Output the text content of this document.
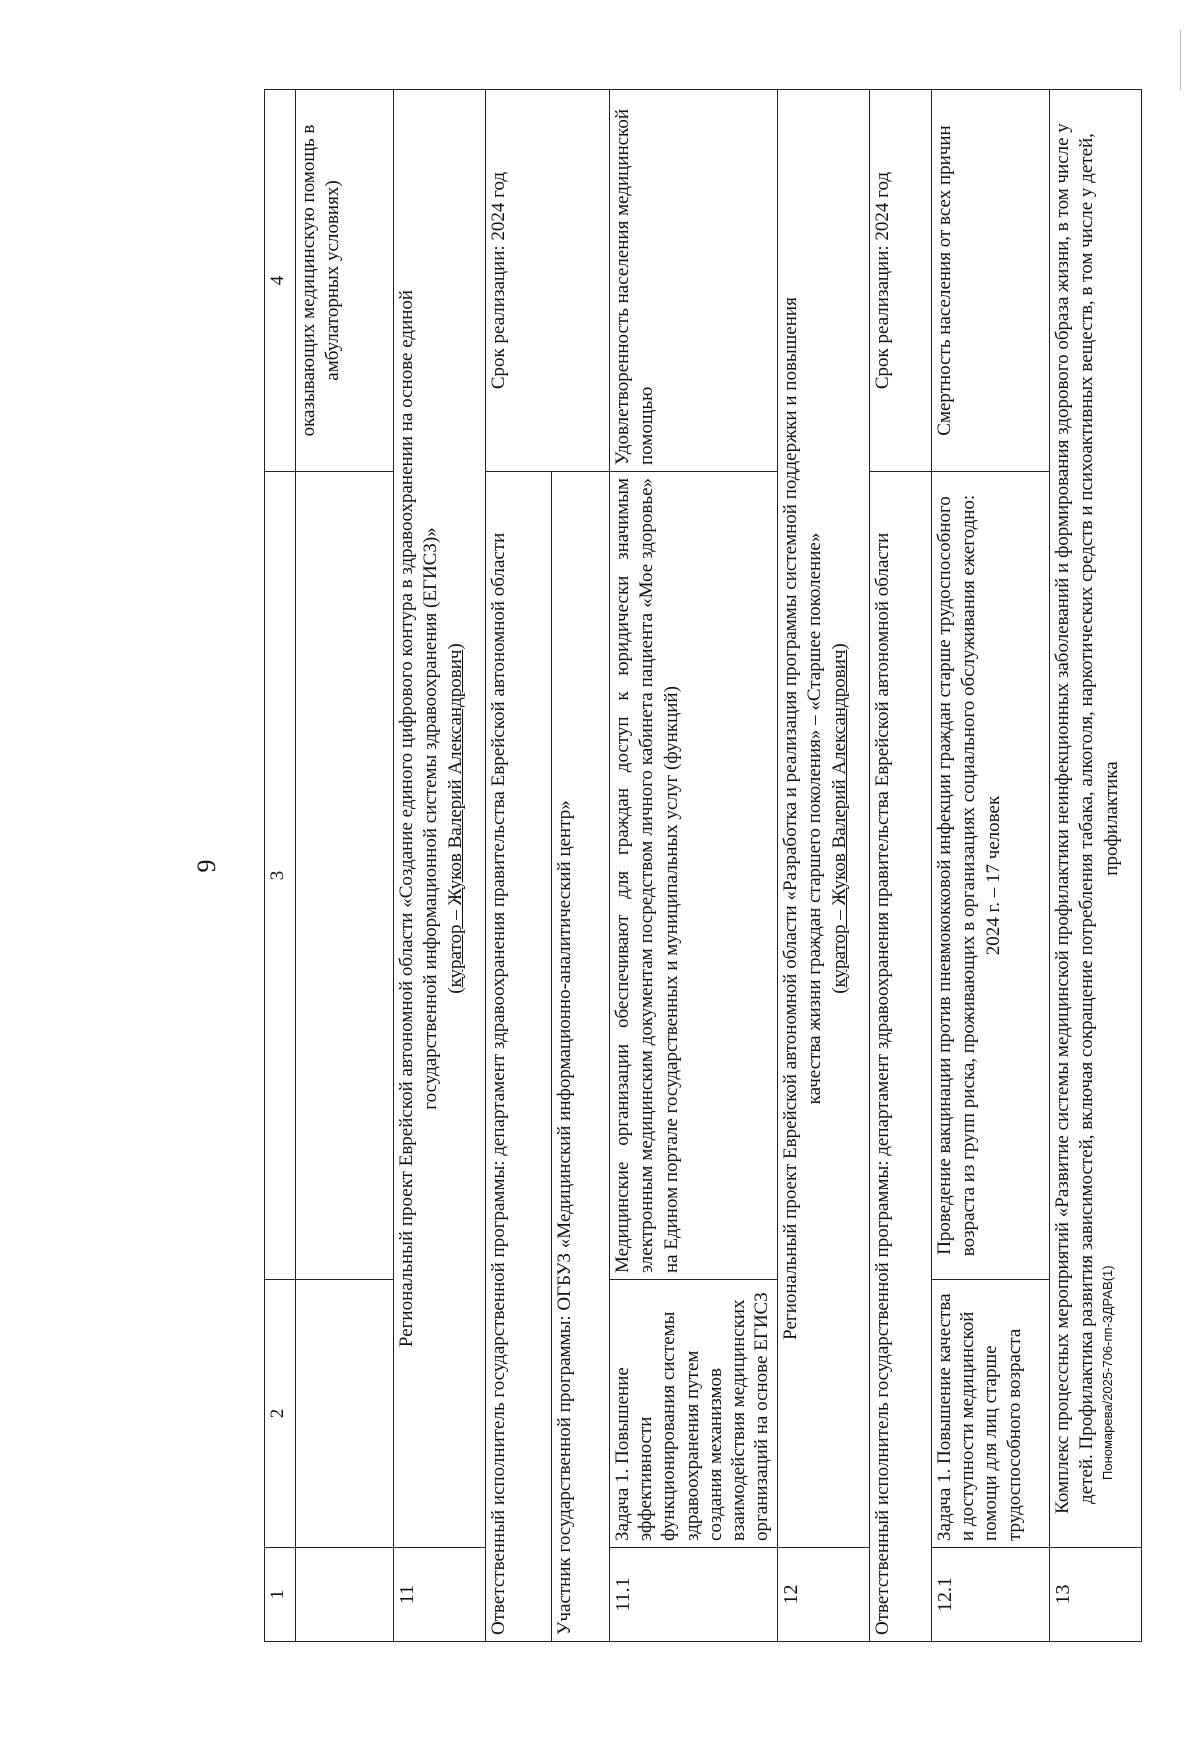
9
1	2	3	4
			оказывающих медицинскую помощь в амбулаторных условиях)
11	Региональный проект Еврейской автономной области «Создание единого цифрового контура в здравоохранении на основе единой государственной информационной системы здравоохранения (ЕГИСЗ)» (куратор – Жуков Валерий Александрович)		

Ответственный исполнитель государственной программы: департамент здравоохранения правительства Еврейской автономной области			Срок реализации: 2024 год
Участник государственной программы: ОГБУЗ «Медицинский информационно-аналитический центр»			
11.1	Задача 1. Повышение эффективности функционирования системы здравоохранения путем создания механизмов взаимодействия медицинских организаций на основе ЕГИСЗ	Медицинские организации обеспечивают для граждан доступ к юридически значимым электронным медицинским документам посредством личного кабинета пациента «Мое здоровье» на Едином портале государственных и муниципальных услуг (функций)	Удовлетворенность населения медицинской помощью
12	Региональный проект Еврейской автономной области «Разработка и реализация программы системной поддержки и повышения качества жизни граждан старшего поколения» – «Старшее поколение» (куратор – Жуков Валерий Александрович)		

Ответственный исполнитель государственной программы: департамент здравоохранения правительства Еврейской автономной области			Срок реализации: 2024 год
12.1	Задача 1. Повышение качества и доступности медицинской помощи для лиц старше трудоспособного возраста	Проведение вакцинации против пневмококковой инфекции граждан старше трудоспособного возраста из групп риска, проживающих в организациях социального обслуживания ежегодно: 2024 г. – 17 человек	Смертность населения от всех причин
13	Комплекс процессных мероприятий «Развитие системы медицинской профилактики неинфекционных заболеваний и формирования здорового образа жизни, в том числе у детей. Профилактика развития зависимостей, включая сокращение потребления табака, алкоголя, наркотических средств и психоактивных веществ, в том числе у детей, профилактика		
Пономарева/2025-706-пп-ЗДРАВ(1)
